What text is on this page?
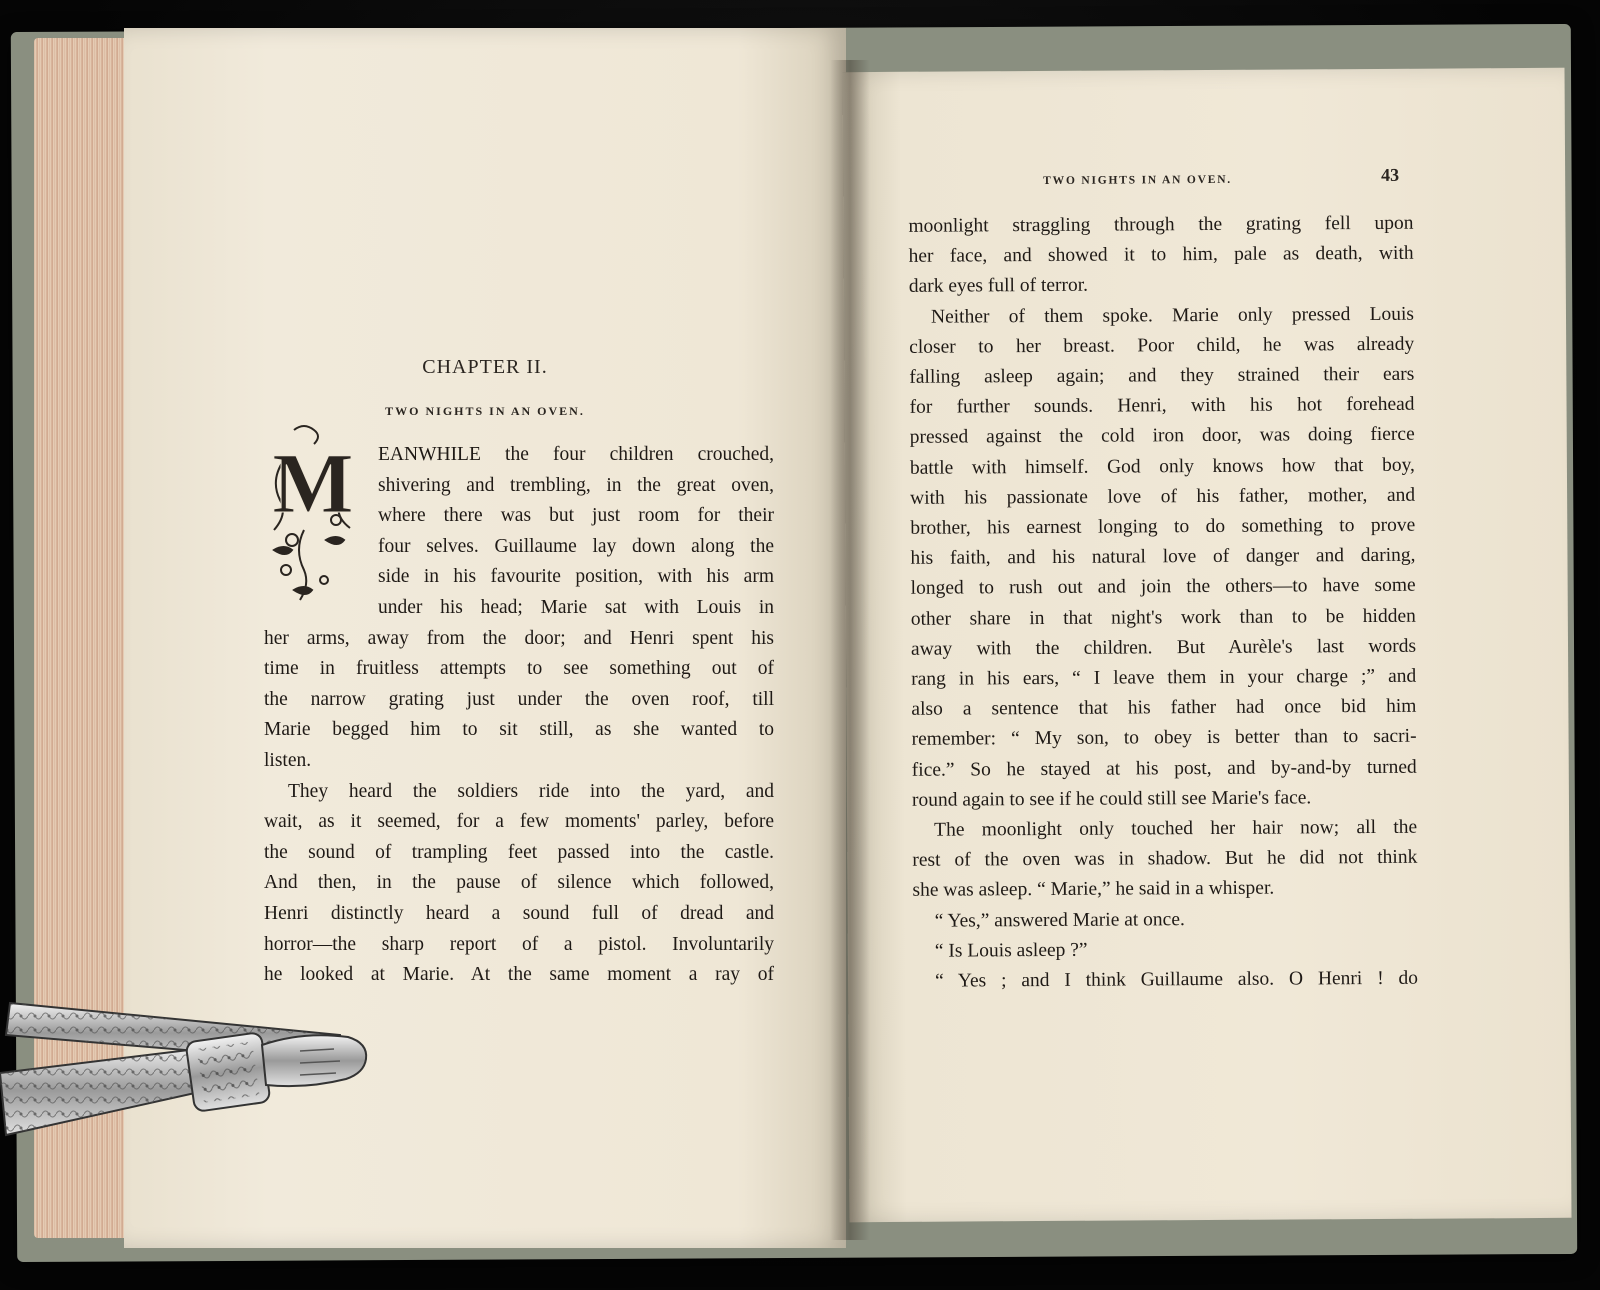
CHAPTER II.
TWO NIGHTS IN AN OVEN.
M	EANWHILE the four children crouched,
shivering and trembling, in the great oven,
where there was but just room for their
four selves. Guillaume lay down along the
side in his favourite position, with his arm
under his head; Marie sat with Louis in
her arms, away from the door; and Henri spent his
time in fruitless attempts to see something out of
the narrow grating just under the oven roof, till
Marie begged him to sit still, as she wanted to
listen.
They heard the soldiers ride into the yard, and
wait, as it seemed, for a few moments' parley, before
the sound of trampling feet passed into the castle.
And then, in the pause of silence which followed,
Henri distinctly heard a sound full of dread and
horror—the sharp report of a pistol. Involuntarily
he looked at Marie. At the same moment a ray of
TWO NIGHTS IN AN OVEN.	43
moonlight straggling through the grating fell upon
her face, and showed it to him, pale as death, with
dark eyes full of terror.
Neither of them spoke. Marie only pressed Louis
closer to her breast. Poor child, he was already
falling asleep again; and they strained their ears
for further sounds. Henri, with his hot forehead
pressed against the cold iron door, was doing fierce
battle with himself. God only knows how that boy,
with his passionate love of his father, mother, and
brother, his earnest longing to do something to prove
his faith, and his natural love of danger and daring,
longed to rush out and join the others—to have some
other share in that night's work than to be hidden
away with the children. But Aurèle's last words
rang in his ears, “ I leave them in your charge ;” and
also a sentence that his father had once bid him
remember: “ My son, to obey is better than to sacri-
fice.” So he stayed at his post, and by-and-by turned
round again to see if he could still see Marie's face.
The moonlight only touched her hair now; all the
rest of the oven was in shadow. But he did not think
she was asleep. “ Marie,” he said in a whisper.
“ Yes,” answered Marie at once.
“ Is Louis asleep ?”
“ Yes ; and I think Guillaume also. O Henri ! do
